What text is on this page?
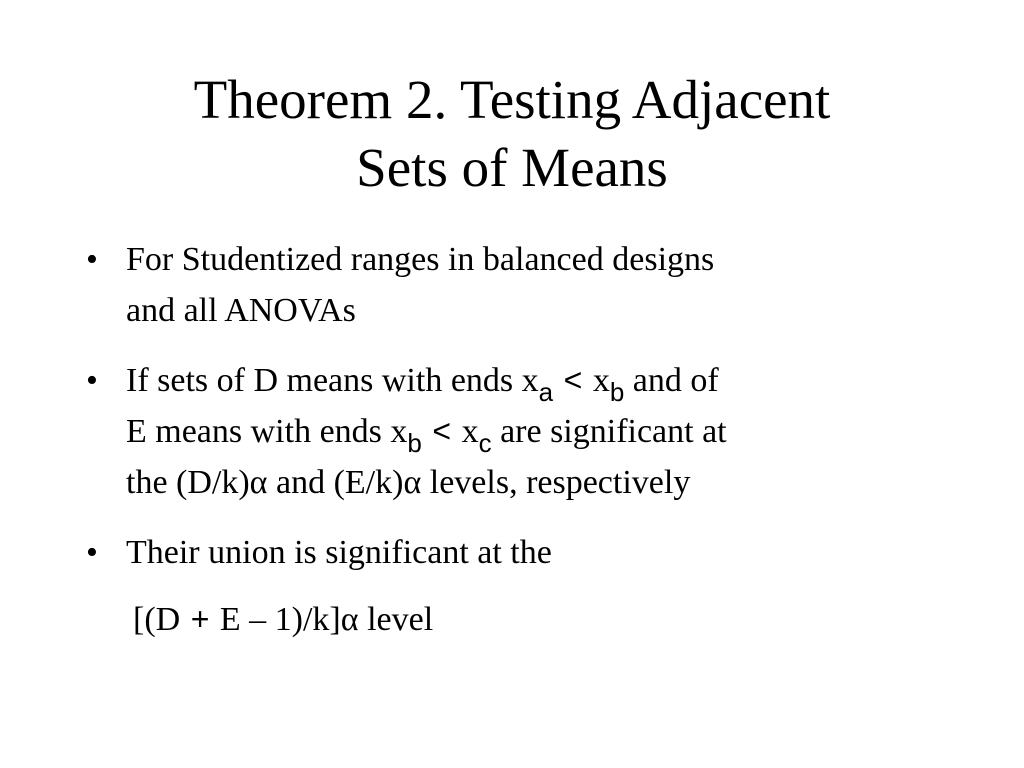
Theorem 2. Testing Adjacent
Sets of Means
• For Studentized ranges in balanced designs
and all ANOVAs
• If sets of D means with ends $x_a < x_b$ and of
E means with ends $x_b < x_c$ are significant at
the (D/k)α and (E/k)α levels, respectively
• Their union is significant at the
[(D + E – 1)/k]α level
